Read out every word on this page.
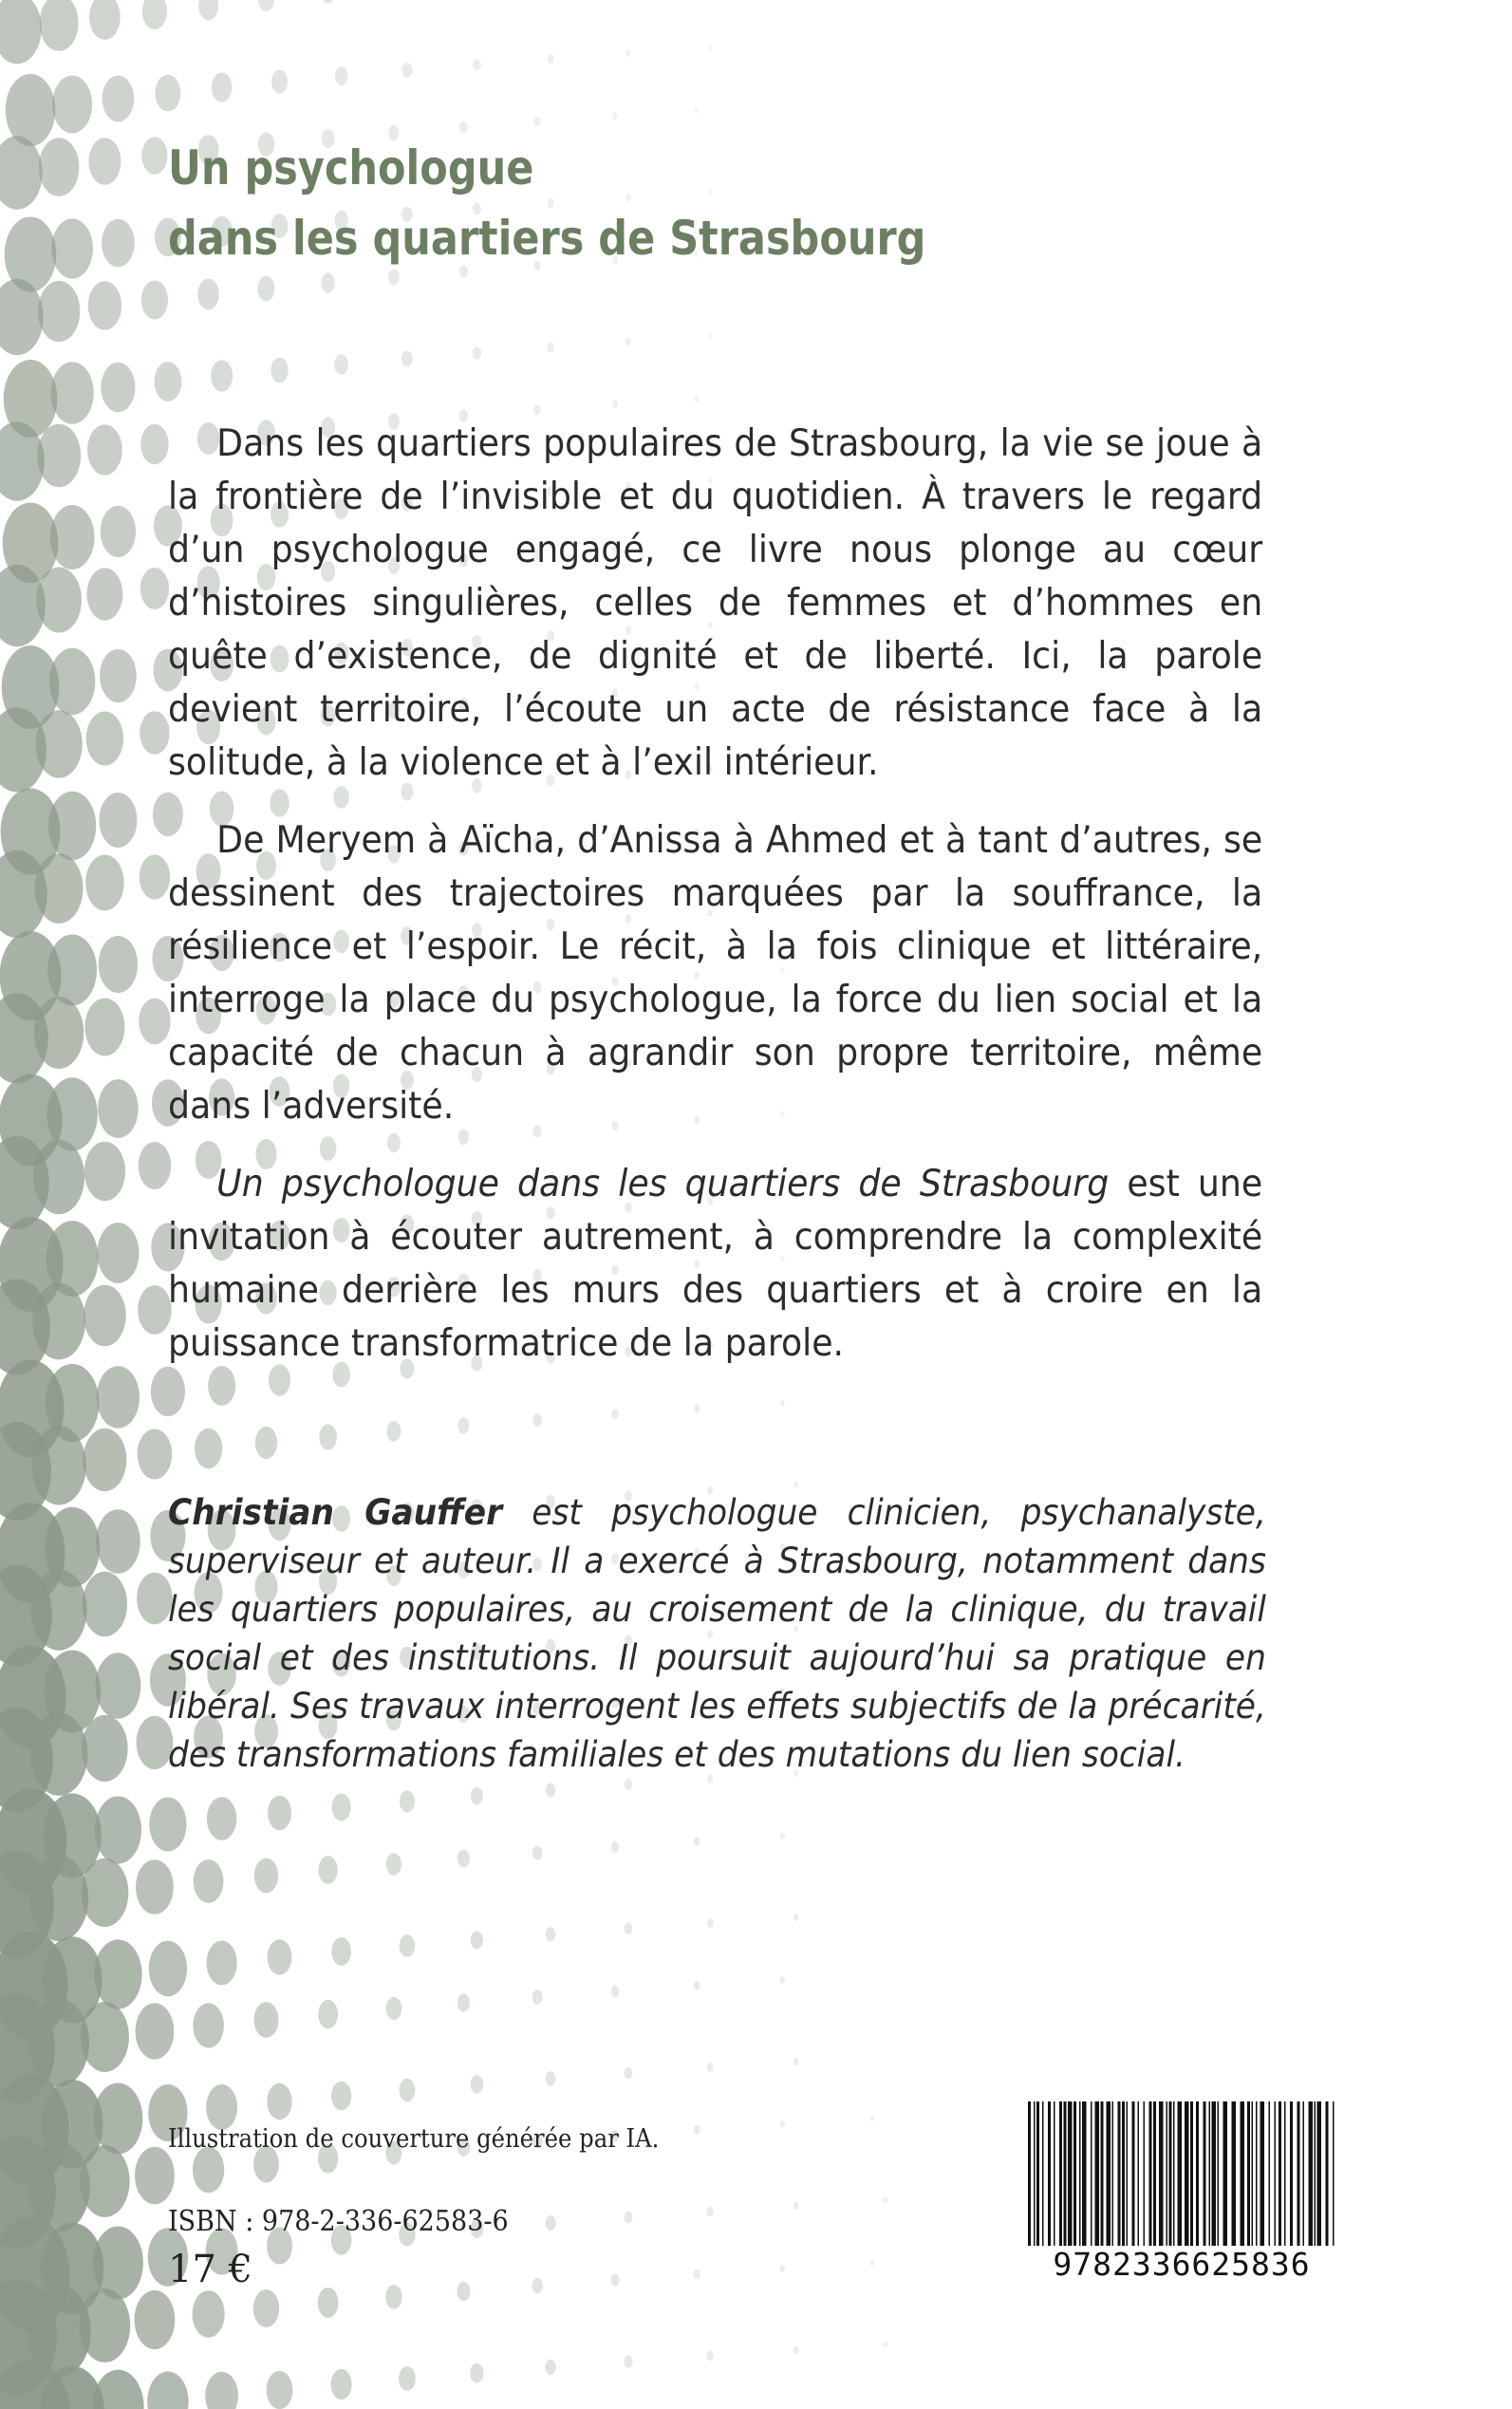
Un psychologue
dans les quartiers de Strasbourg

Dans les quartiers populaires de Strasbourg, la vie se joue à la frontière de l’invisible et du quotidien. À travers le regard d’un psychologue engagé, ce livre nous plonge au cœur d’histoires singulières, celles de femmes et d’hommes en quête d’existence, de dignité et de liberté. Ici, la parole devient territoire, l’écoute un acte de résistance face à la solitude, à la violence et à l’exil intérieur.

De Meryem à Aïcha, d’Anissa à Ahmed et à tant d’autres, se dessinent des trajectoires marquées par la souffrance, la résilience et l’espoir. Le récit, à la fois clinique et littéraire, interroge la place du psychologue, la force du lien social et la capacité de chacun à agrandir son propre territoire, même dans l’adversité.

Un psychologue dans les quartiers de Strasbourg est une invitation à écouter autrement, à comprendre la complexité humaine derrière les murs des quartiers et à croire en la puissance transformatrice de la parole.

Christian Gauffer est psychologue clinicien, psychanalyste, superviseur et auteur. Il a exercé à Strasbourg, notamment dans les quartiers populaires, au croisement de la clinique, du travail social et des institutions. Il poursuit aujourd’hui sa pratique en libéral. Ses travaux interrogent les effets subjectifs de la précarité, des transformations familiales et des mutations du lien social.
Illustration de couverture générée par IA.
ISBN : 978-2-336-62583-6
17 €	9782336625836
